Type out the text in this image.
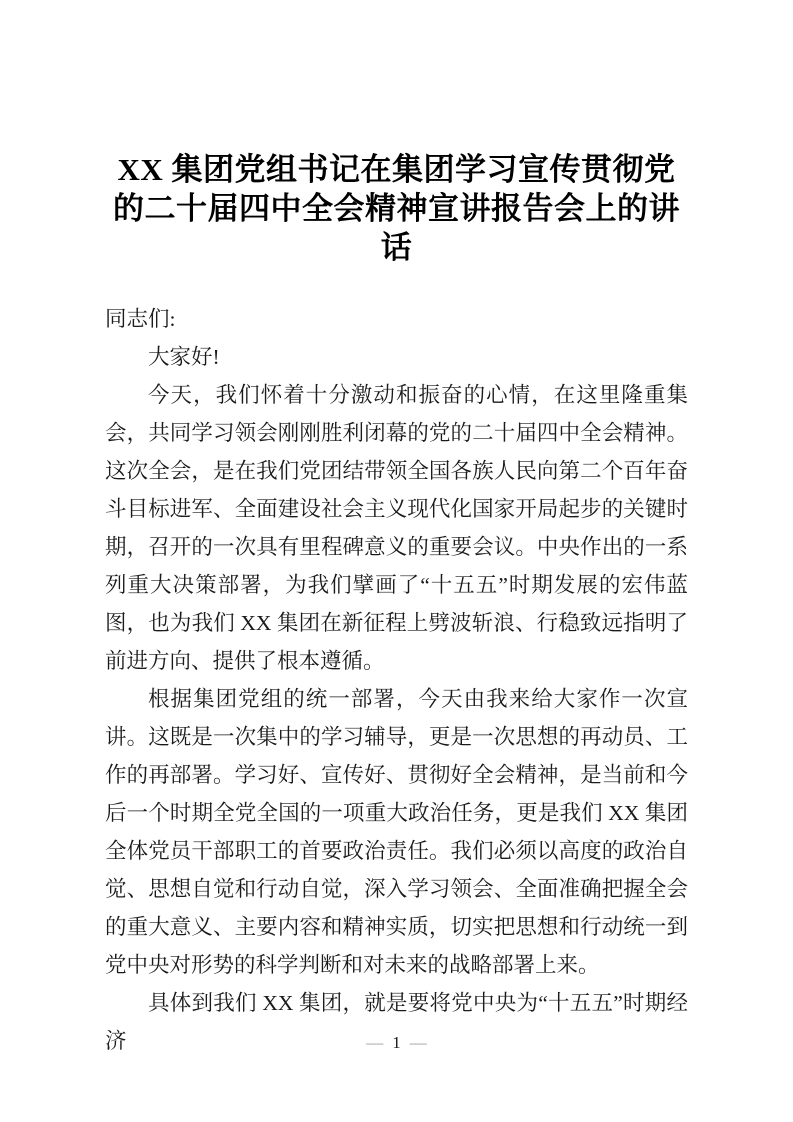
XX 集团党组书记在集团学习宣传贯彻党
的二十届四中全会精神宣讲报告会上的讲
话

同志们:

大家好!

今天，我们怀着十分激动和振奋的心情，在这里隆重集会，共同学习领会刚刚胜利闭幕的党的二十届四中全会精神。这次全会，是在我们党团结带领全国各族人民向第二个百年奋斗目标进军、全面建设社会主义现代化国家开局起步的关键时期，召开的一次具有里程碑意义的重要会议。中央作出的一系列重大决策部署，为我们擘画了“十五五”时期发展的宏伟蓝图，也为我们 XX 集团在新征程上劈波斩浪、行稳致远指明了前进方向、提供了根本遵循。

根据集团党组的统一部署，今天由我来给大家作一次宣讲。这既是一次集中的学习辅导，更是一次思想的再动员、工作的再部署。学习好、宣传好、贯彻好全会精神，是当前和今后一个时期全党全国的一项重大政治任务，更是我们 XX 集团全体党员干部职工的首要政治责任。我们必须以高度的政治自觉、思想自觉和行动自觉，深入学习领会、全面准确把握全会的重大意义、主要内容和精神实质，切实把思想和行动统一到党中央对形势的科学判断和对未来的战略部署上来。

具体到我们 XX 集团，就是要将党中央为“十五五”时期经济	— 1 —
